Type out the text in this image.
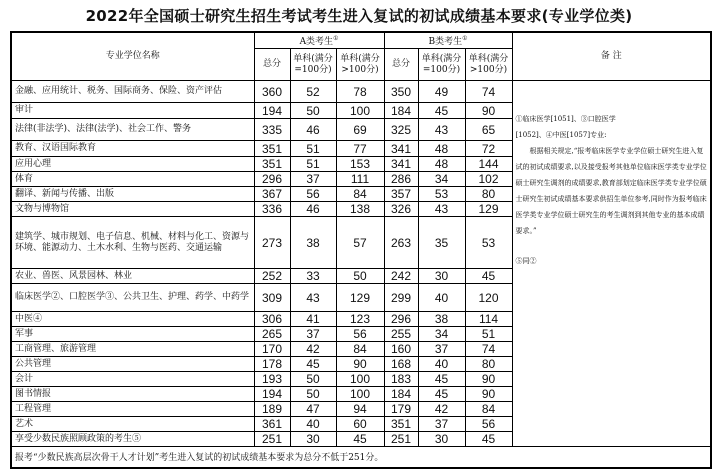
2022年全国硕士研究生招生考试考生进入复试的初试成绩基本要求(专业学位类)
专业学位名称	A类考生①			B类考生①			备 注
	总分	单科(满分=100分)	单科(满分>100分)	总分	单科(满分=100分)	单科(满分>100分)	
金融、应用统计、税务、国际商务、保险、资产评估	360	52	78	350	49	74	①临床医学[1051]、③口腔医学

[1052]、④中医[1057]专业:

根据相关规定,“报考临床医学专业学位硕士研究生进入复试的初试成绩要求,以及接受报考其他单位临床医学类专业学位硕士研究生调剂的成绩要求,教育部划定临床医学类专业学位硕士研究生初试成绩基本要求供招生单位参考,同时作为报考临床医学类专业学位硕士研究生的考生调剂到其他专业的基本成绩要求。”

⑤同②

审计	194	50	100	184	45	90	
法律(非法学)、法律(法学)、社会工作、警务	335	46	69	325	43	65	
教育、汉语国际教育	351	51	77	341	48	72	
应用心理	351	51	153	341	48	144	
体育	296	37	111	286	34	102	
翻译、新闻与传播、出版	367	56	84	357	53	80	
文物与博物馆	336	46	138	326	43	129	
建筑学、城市规划、电子信息、机械、材料与化工、资源与环境、能源动力、土木水利、生物与医药、交通运输	273	38	57	263	35	53	
农业、兽医、风景园林、林业	252	33	50	242	30	45	
临床医学②、口腔医学③、公共卫生、护理、药学、中药学	309	43	129	299	40	120	
中医④	306	41	123	296	38	114	
军事	265	37	56	255	34	51	
工商管理、旅游管理	170	42	84	160	37	74	
公共管理	178	45	90	168	40	80	
会计	193	50	100	183	45	90	
图书情报	194	50	100	184	45	90	
工程管理	189	47	94	179	42	84	
艺术	361	40	60	351	37	56	
享受少数民族照顾政策的考生⑤	251	30	45	251	30	45	
报考“少数民族高层次骨干人才计划”考生进入复试的初试成绩基本要求为总分不低于251分。							
